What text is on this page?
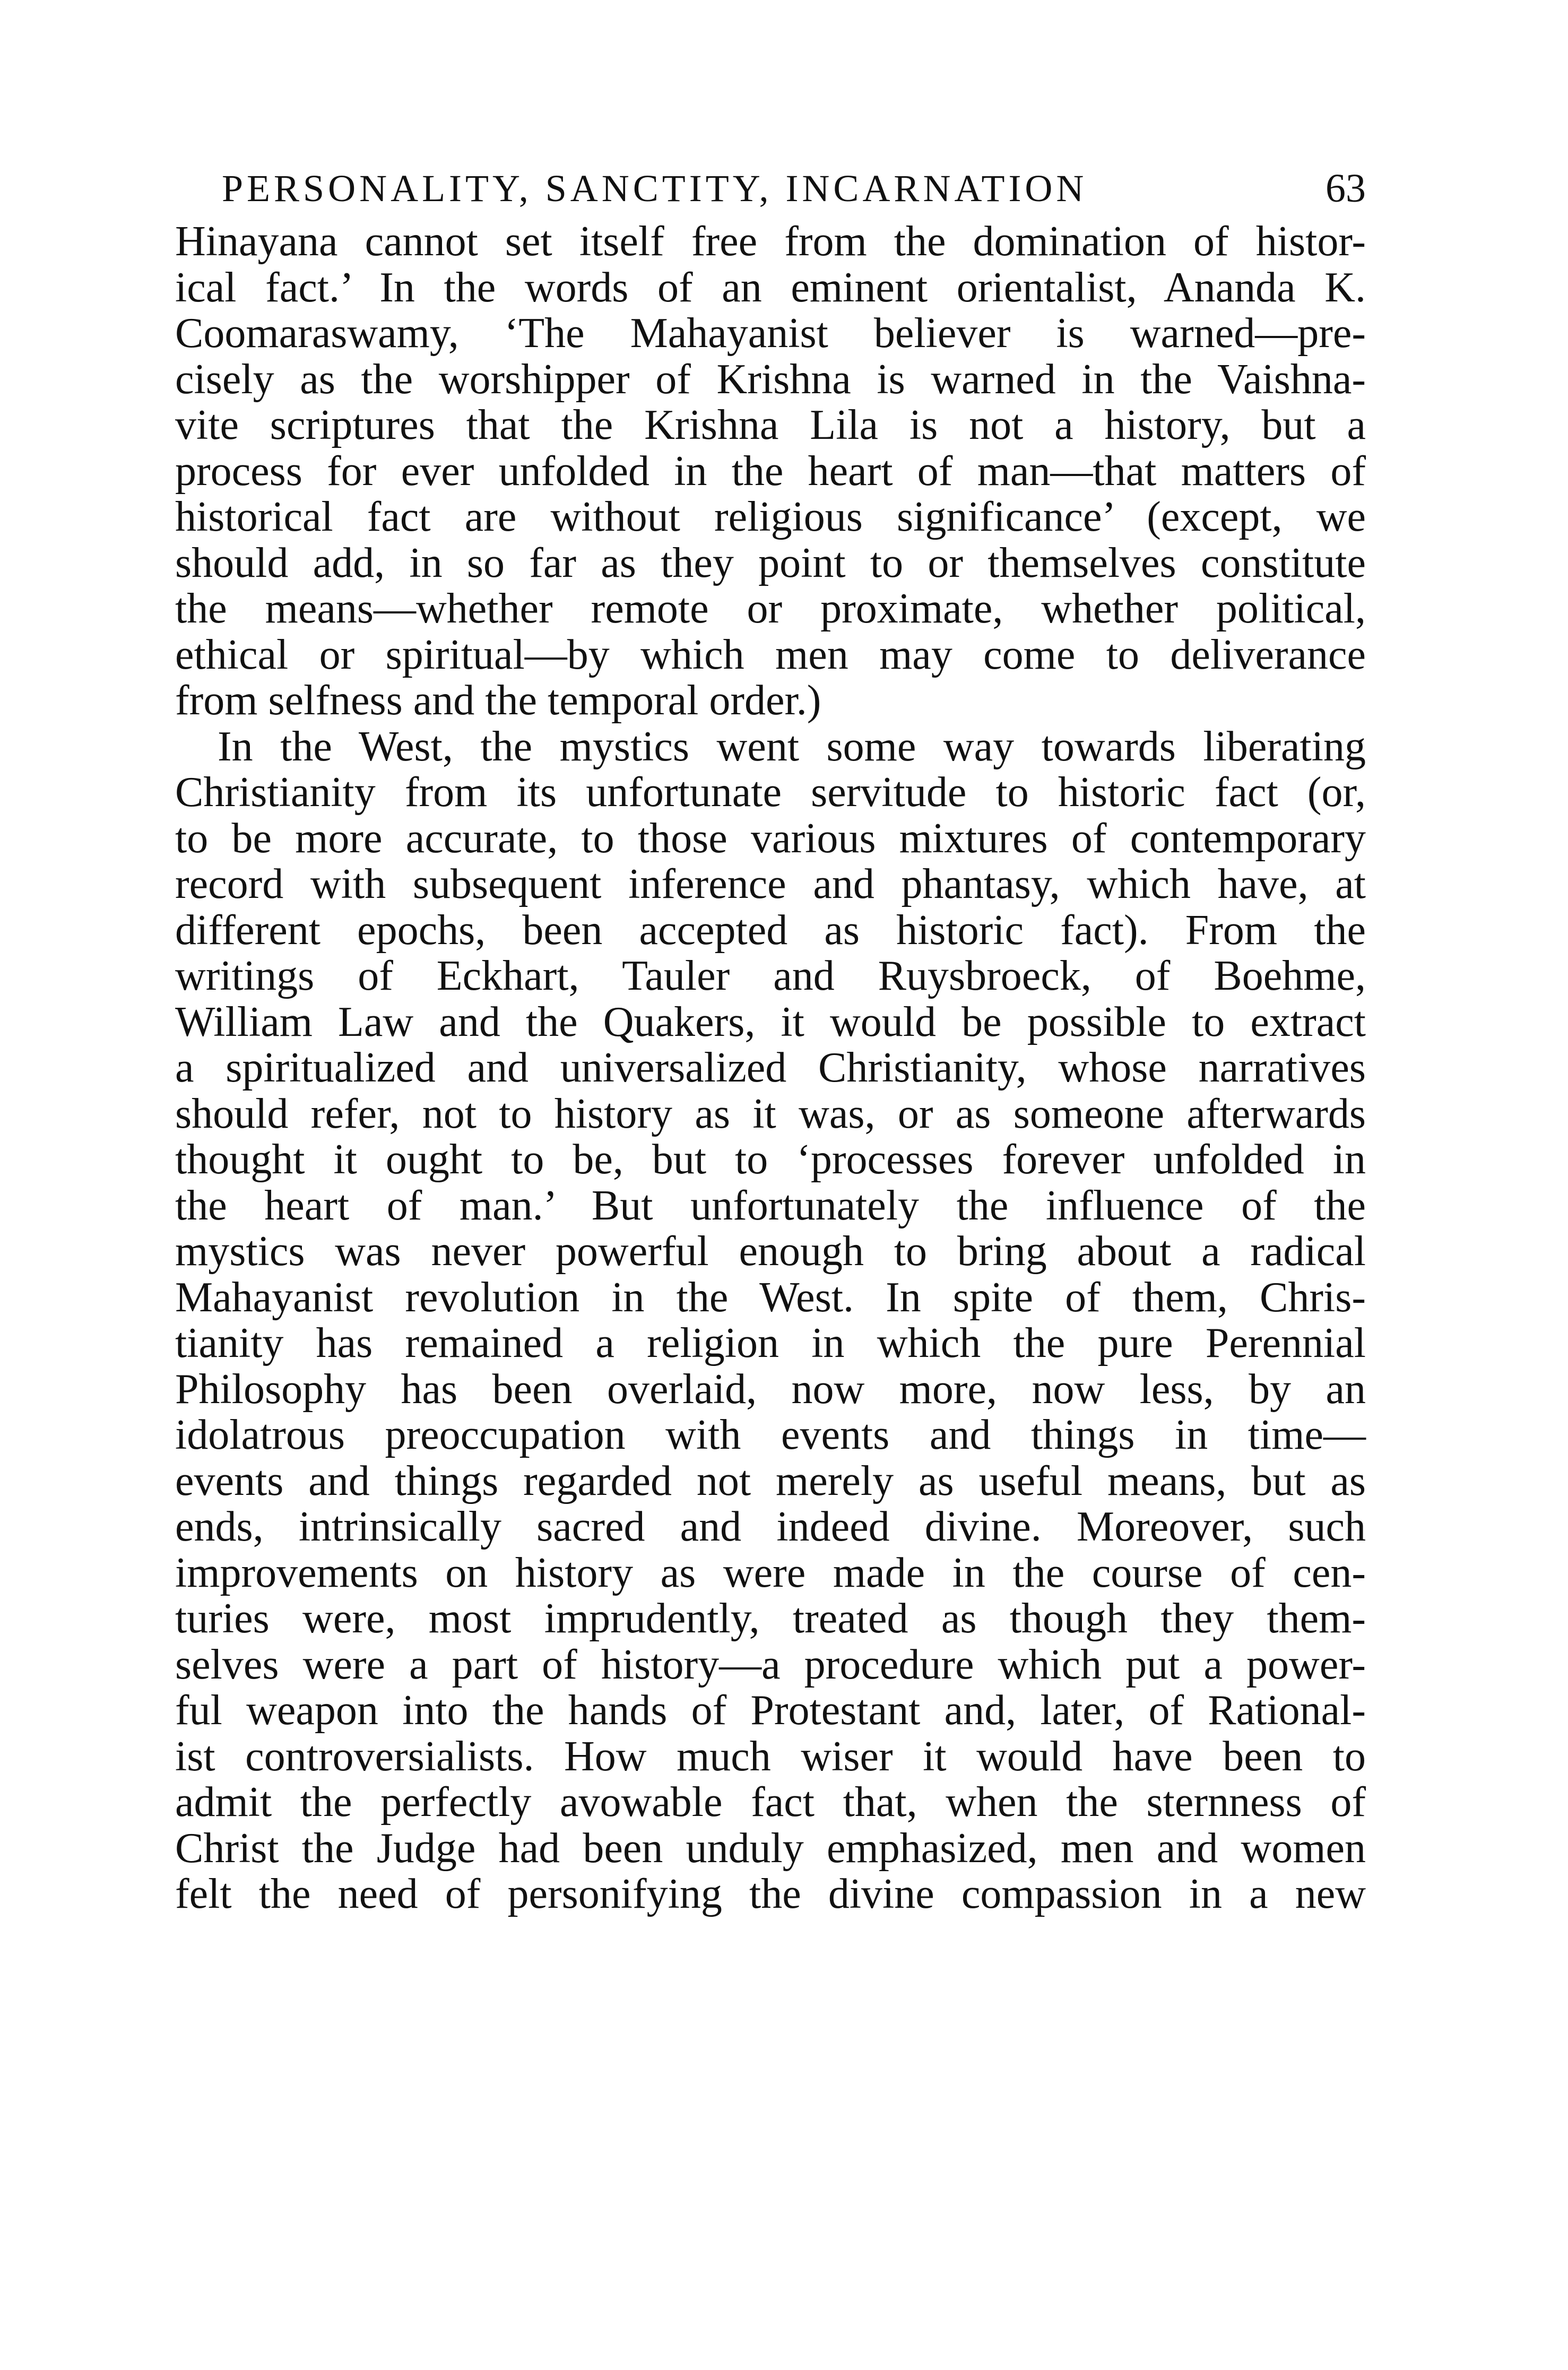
PERSONALITY, SANCTITY, INCARNATION	63
Hinayana cannot set itself free from the domination of histor-
ical fact.’ In the words of an eminent orientalist, Ananda K.
Coomaraswamy, ‘The Mahayanist believer is warned—pre-
cisely as the worshipper of Krishna is warned in the Vaishna-
vite scriptures that the Krishna Lila is not a history, but a
process for ever unfolded in the heart of man—that matters of
historical fact are without religious significance’ (except, we
should add, in so far as they point to or themselves constitute
the means—whether remote or proximate, whether political,
ethical or spiritual—by which men may come to deliverance
from selfness and the temporal order.)
In the West, the mystics went some way towards liberating
Christianity from its unfortunate servitude to historic fact (or,
to be more accurate, to those various mixtures of contemporary
record with subsequent inference and phantasy, which have, at
different epochs, been accepted as historic fact). From the
writings of Eckhart, Tauler and Ruysbroeck, of Boehme,
William Law and the Quakers, it would be possible to extract
a spiritualized and universalized Christianity, whose narratives
should refer, not to history as it was, or as someone afterwards
thought it ought to be, but to ‘processes forever unfolded in
the heart of man.’ But unfortunately the influence of the
mystics was never powerful enough to bring about a radical
Mahayanist revolution in the West. In spite of them, Chris-
tianity has remained a religion in which the pure Perennial
Philosophy has been overlaid, now more, now less, by an
idolatrous preoccupation with events and things in time—
events and things regarded not merely as useful means, but as
ends, intrinsically sacred and indeed divine. Moreover, such
improvements on history as were made in the course of cen-
turies were, most imprudently, treated as though they them-
selves were a part of history—a procedure which put a power-
ful weapon into the hands of Protestant and, later, of Rational-
ist controversialists. How much wiser it would have been to
admit the perfectly avowable fact that, when the sternness of
Christ the Judge had been unduly emphasized, men and women
felt the need of personifying the divine compassion in a new
